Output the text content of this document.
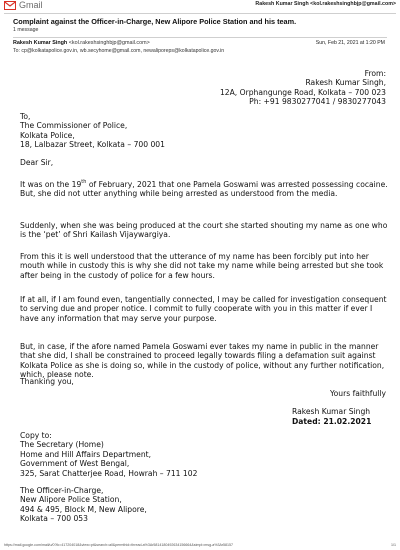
Gmail	Rakesh Kumar Singh <kol.rakeshsinghbjp@gmail.com>
Complaint against the Officer-in-Charge, New Alipore Police Station and his team.
1 message
Rakesh Kumar Singh <kol.rakeshsinghbjp@gmail.com>	Sun, Feb 21, 2021 at 1:20 PM
To: cp@kolkatapolice.gov.in, wb.secyhome@gmail.com, newaliporeps@kolkatapolice.gov.in
From:
Rakesh Kumar Singh,
12A, Orphangunge Road, Kolkata – 700 023
Ph: +91 9830277041 / 9830277043
To,
The Commissioner of Police,
Kolkata Police,
18, Lalbazar Street, Kolkata – 700 001
Dear Sir,

It was on the 19th of February, 2021 that one Pamela Goswami was arrested possessing cocaine. But, she did not utter anything while being arrested as understood from the media.

Suddenly, when she was being produced at the court she started shouting my name as one who is the ‘pet’ of Shri Kailash Vijaywargiya.

From this it is well understood that the utterance of my name has been forcibly put into her mouth while in custody this is why she did not take my name while being arrested but she took after being in the custody of police for a few hours.

If at all, if I am found even, tangentially connected, I may be called for investigation consequent to serving due and proper notice. I commit to fully cooperate with you in this matter if ever I have any information that may serve your purpose.

But, in case, if the afore named Pamela Goswami ever takes my name in public in the manner that she did, I shall be constrained to proceed legally towards filing a defamation suit against Kolkata Police as she is doing so, while in the custody of police, without any further notification, which, please note.

Thanking you,
Yours faithfully
Rakesh Kumar Singh
Dated: 21.02.2021
Copy to:
The Secretary (Home)
Home and Hill Affairs Department,
Government of West Bengal,
325, Sarat Chatterjee Road, Howrah – 711 102
The Officer-in-Charge,
New Alipore Police Station,
494 & 495, Block M, New Alipore,
Kolkata – 700 053
https://mail.google.com/mail/u/0?ik=417204018&view=pt&search=all&permthid=thread-a%3Ar5814180492634156664&simpl=msg-a%3Ar58157	1/1
